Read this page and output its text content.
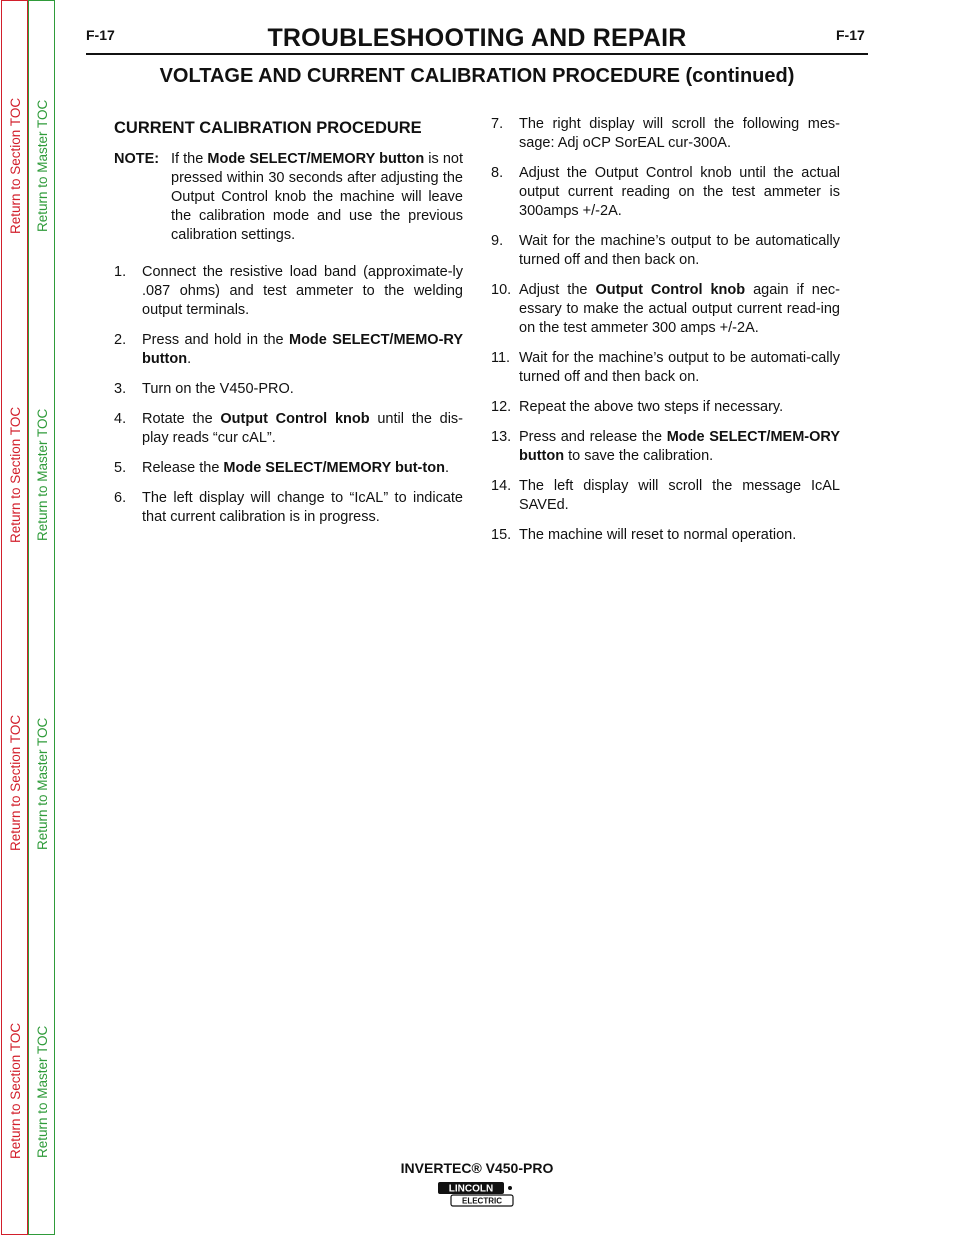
Return to Section TOC
Return to Section TOC
Return to Section TOC
Return to Section TOC
Return to Master TOC
Return to Master TOC
Return to Master TOC
Return to Master TOC
F-17	F-17
TROUBLESHOOTING AND REPAIR
VOLTAGE AND CURRENT CALIBRATION PROCEDURE (continued)
CURRENT CALIBRATION PROCEDURE
NOTE: If the Mode SELECT/MEMORY button is not pressed within 30 seconds after adjusting the Output Control knob the machine will leave the calibration mode and use the previous calibration settings.
1.	Connect the resistive load band (approximate-ly .087 ohms) and test ammeter to the welding output terminals.
2.	Press and hold in the Mode SELECT/MEMO-RY button.
3.	Turn on the V450-PRO.
4.	Rotate the Output Control knob until the dis-play reads “cur cAL”.
5.	Release the Mode SELECT/MEMORY but-ton.
6.	The left display will change to “IcAL” to indicate that current calibration is in progress.
7.	The right display will scroll the following mes-sage: Adj oCP SorEAL cur-300A.
8.	Adjust the Output Control knob until the actual output current reading on the test ammeter is 300amps +/-2A.
9.	Wait for the machine’s output to be automatically turned off and then back on.
10. Adjust the Output Control knob again if nec-essary to make the actual output current read-ing on the test ammeter 300 amps +/-2A.
11. Wait for the machine’s output to be automati-cally turned off and then back on.
12. Repeat the above two steps if necessary.
13. Press and release the Mode SELECT/MEM-ORY button to save the calibration.
14. The left display will scroll the message IcAL SAVEd.
15. The machine will reset to normal operation.
INVERTEC® V450-PRO
LINCOLN
ELECTRIC
